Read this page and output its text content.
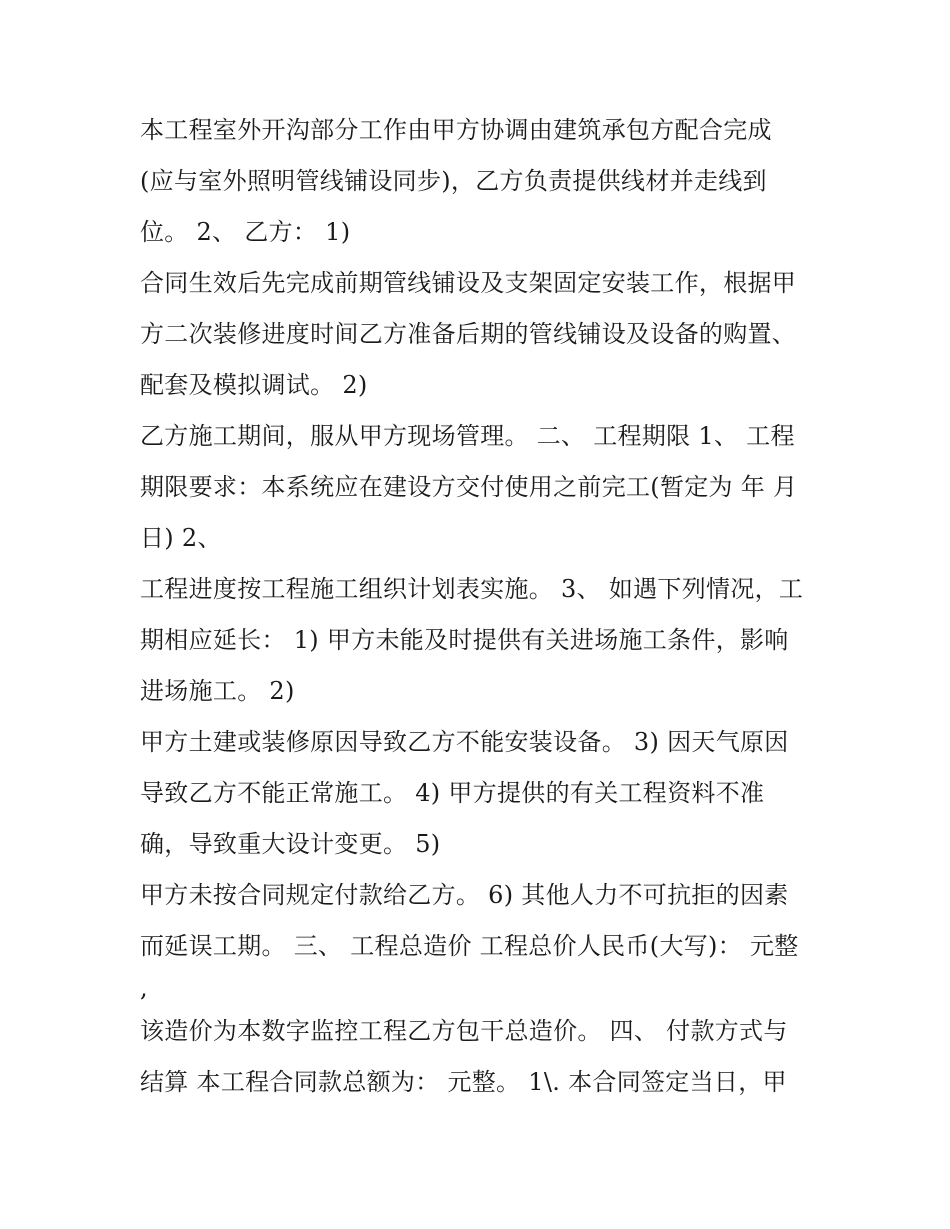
本工程室外开沟部分工作由甲方协调由建筑承包方配合完成
(应与室外照明管线铺设同步)，乙方负责提供线材并走线到
位。 2、 乙方： 1)
合同生效后先完成前期管线铺设及支架固定安装工作，根据甲
方二次装修进度时间乙方准备后期的管线铺设及设备的购置、
配套及模拟调试。 2)
乙方施工期间，服从甲方现场管理。 二、 工程期限 1、 工程
期限要求：本系统应在建设方交付使用之前完工(暂定为 年 月
日) 2、
工程进度按工程施工组织计划表实施。 3、 如遇下列情况，工
期相应延长： 1) 甲方未能及时提供有关进场施工条件，影响
进场施工。 2)
甲方土建或装修原因导致乙方不能安装设备。 3) 因天气原因
导致乙方不能正常施工。 4) 甲方提供的有关工程资料不准
确，导致重大设计变更。 5)
甲方未按合同规定付款给乙方。 6) 其他人力不可抗拒的因素
而延误工期。 三、 工程总造价 工程总价人民币(大写)： 元整
,
该造价为本数字监控工程乙方包干总造价。 四、 付款方式与
结算 本工程合同款总额为： 元整。 1\. 本合同签定当日，甲
